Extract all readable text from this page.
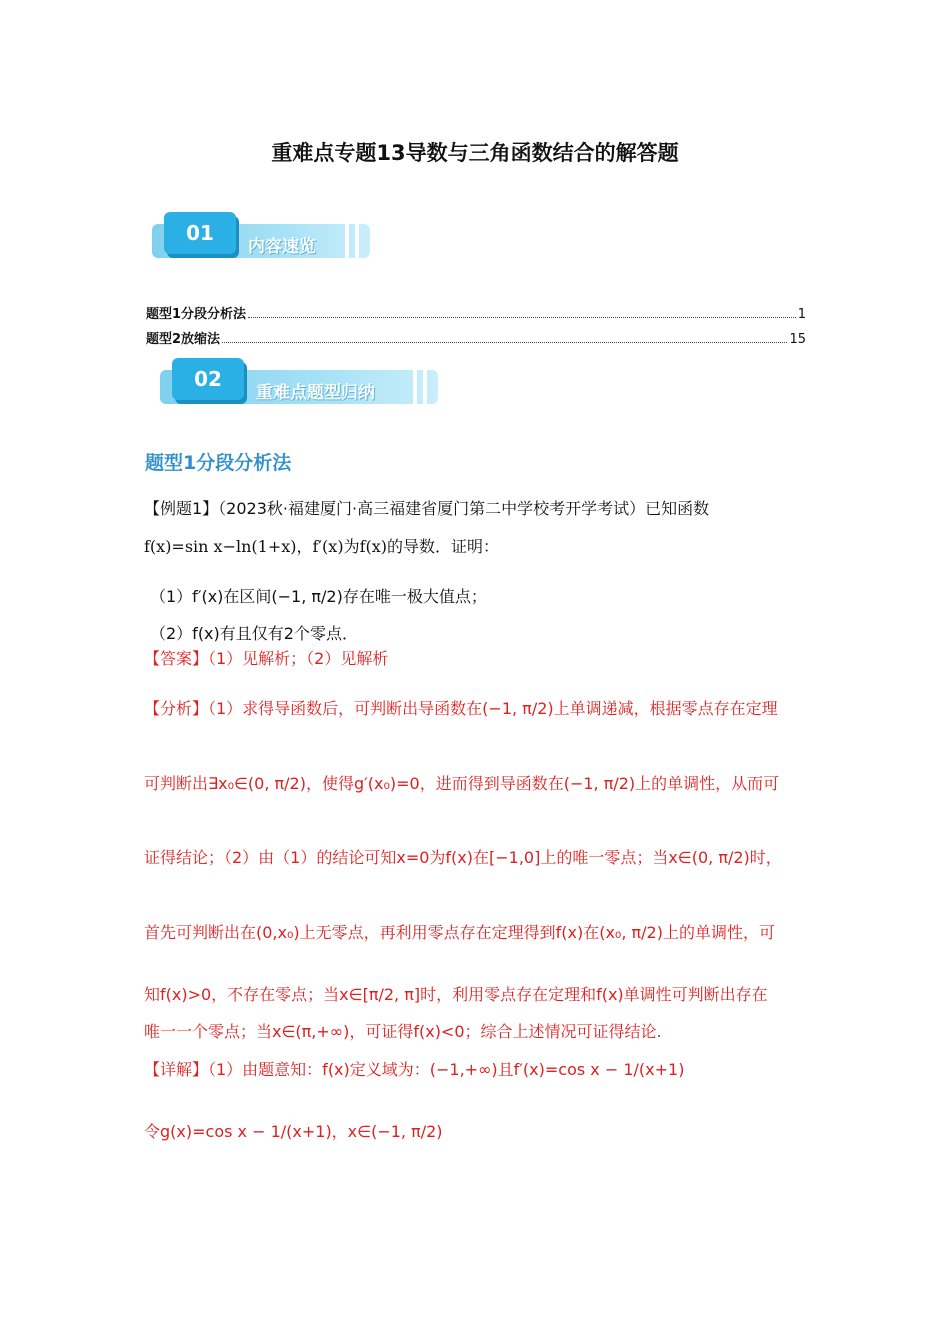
重难点专题13导数与三角函数结合的解答题
01
内容速览
题型1分段分析法	1
题型2放缩法	15
02
重难点题型归纳
题型1分段分析法
【例题1】（2023秋·福建厦门·高三福建省厦门第二中学校考开学考试）已知函数
f(x)=sin x−ln(1+x)，f′(x)为f(x)的导数．证明：
（1）f′(x)在区间(−1, π/2)存在唯一极大值点；
（2）f(x)有且仅有2个零点．
【答案】（1）见解析；（2）见解析
【分析】（1）求得导函数后，可判断出导函数在(−1, π/2)上单调递减，根据零点存在定理
可判断出∃x₀∈(0, π/2)，使得g′(x₀)=0，进而得到导函数在(−1, π/2)上的单调性，从而可
证得结论；（2）由（1）的结论可知x=0为f(x)在[−1,0]上的唯一零点；当x∈(0, π/2)时，
首先可判断出在(0,x₀)上无零点，再利用零点存在定理得到f(x)在(x₀, π/2)上的单调性，可
知f(x)>0，不存在零点；当x∈[π/2, π]时，利用零点存在定理和f(x)单调性可判断出存在
唯一一个零点；当x∈(π,+∞)，可证得f(x)<0；综合上述情况可证得结论.
【详解】（1）由题意知：f(x)定义域为：(−1,+∞)且f′(x)=cos x − 1/(x+1)
令g(x)=cos x − 1/(x+1)，x∈(−1, π/2)
